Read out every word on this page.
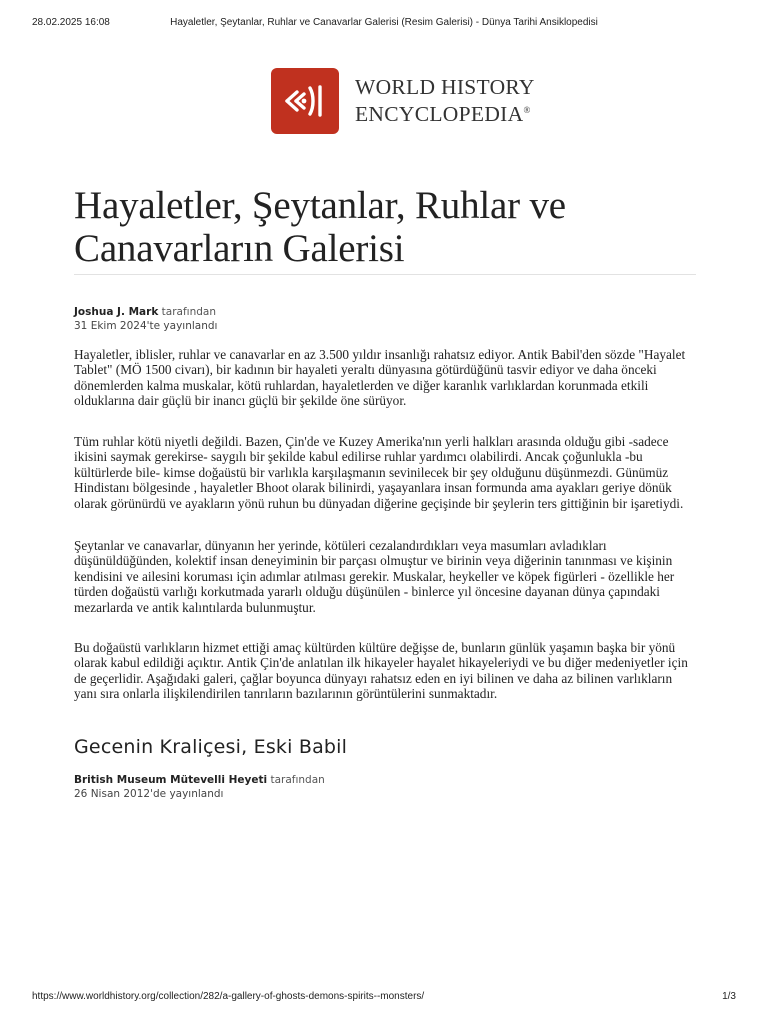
28.02.2025 16:08	Hayaletler, Şeytanlar, Ruhlar ve Canavarlar Galerisi (Resim Galerisi) - Dünya Tarihi Ansiklopedisi
WORLD HISTORY
ENCYCLOPEDIA®
Hayaletler, Şeytanlar, Ruhlar ve Canavarların Galerisi
Joshua J. Mark tarafından
31 Ekim 2024'te yayınlandı

Hayaletler, iblisler, ruhlar ve canavarlar en az 3.500 yıldır insanlığı rahatsız ediyor. Antik Babil'den sözde "Hayalet Tablet" (MÖ 1500 civarı), bir kadının bir hayaleti yeraltı dünyasına götürdüğünü tasvir ediyor ve daha önceki dönemlerden kalma muskalar, kötü ruhlardan, hayaletlerden ve diğer karanlık varlıklardan korunmada etkili olduklarına dair güçlü bir inancı güçlü bir şekilde öne sürüyor.

Tüm ruhlar kötü niyetli değildi. Bazen, Çin'de ve Kuzey Amerika'nın yerli halkları arasında olduğu gibi -sadece ikisini saymak gerekirse- saygılı bir şekilde kabul edilirse ruhlar yardımcı olabilirdi. Ancak çoğunlukla -bu kültürlerde bile- kimse doğaüstü bir varlıkla karşılaşmanın sevinilecek bir şey olduğunu düşünmezdi. Günümüz Hindistanı bölgesinde , hayaletler Bhoot olarak bilinirdi, yaşayanlara insan formunda ama ayakları geriye dönük olarak görünürdü ve ayakların yönü ruhun bu dünyadan diğerine geçişinde bir şeylerin ters gittiğinin bir işaretiydi.

Şeytanlar ve canavarlar, dünyanın her yerinde, kötüleri cezalandırdıkları veya masumları avladıkları düşünüldüğünden, kolektif insan deneyiminin bir parçası olmuştur ve birinin veya diğerinin tanınması ve kişinin kendisini ve ailesini koruması için adımlar atılması gerekir. Muskalar, heykeller ve köpek figürleri - özellikle her türden doğaüstü varlığı korkutmada yararlı olduğu düşünülen - binlerce yıl öncesine dayanan dünya çapındaki mezarlarda ve antik kalıntılarda bulunmuştur.

Bu doğaüstü varlıkların hizmet ettiği amaç kültürden kültüre değişse de, bunların günlük yaşamın başka bir yönü olarak kabul edildiği açıktır. Antik Çin'de anlatılan ilk hikayeler hayalet hikayeleriydi ve bu diğer medeniyetler için de geçerlidir. Aşağıdaki galeri, çağlar boyunca dünyayı rahatsız eden en iyi bilinen ve daha az bilinen varlıkların yanı sıra onlarla ilişkilendirilen tanrıların bazılarının görüntülerini sunmaktadır.

Gecenin Kraliçesi, Eski Babil
British Museum Mütevelli Heyeti tarafından
26 Nisan 2012'de yayınlandı
https://www.worldhistory.org/collection/282/a-gallery-of-ghosts-demons-spirits--monsters/	1/3
